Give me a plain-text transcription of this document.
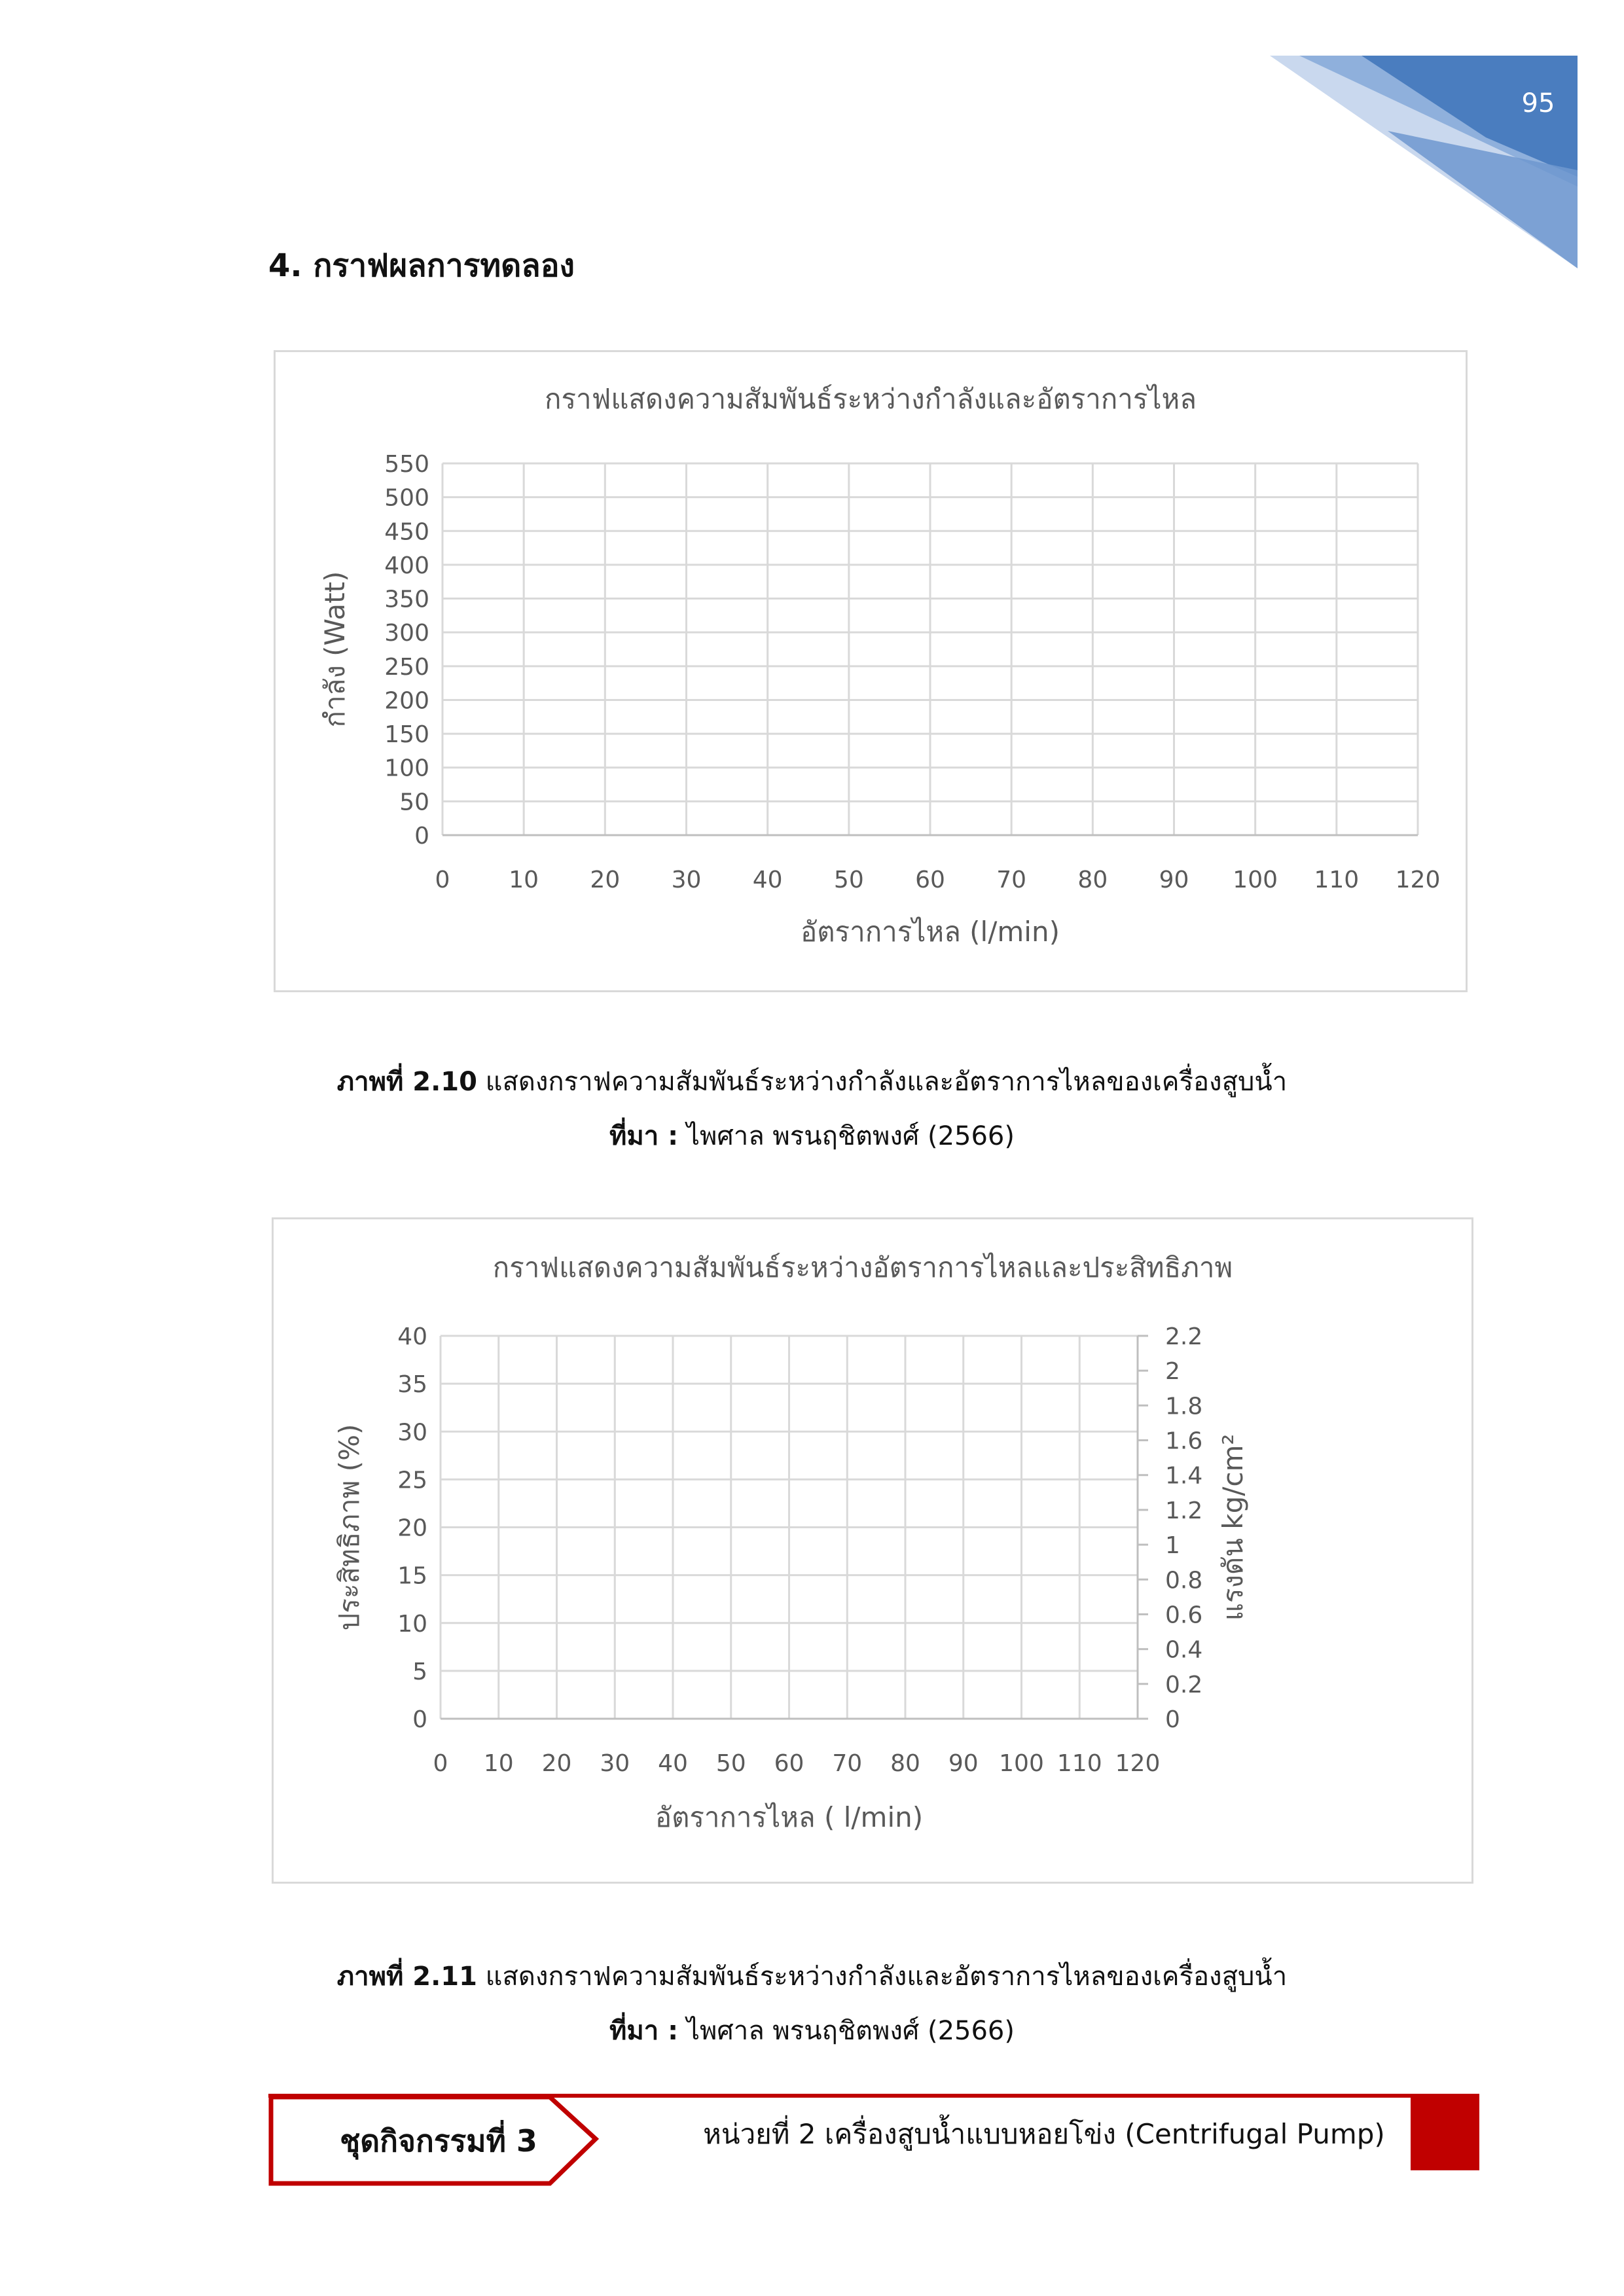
95
4. กราฟผลการทดลอง
กราฟแสดงความสัมพันธ์ระหว่างกำลังและอัตราการไหล
0 10 20 30 40 50 60 70 80 90 100 110 120
0
50
100
150
200
250
300
350
400
450
500
550
อัตราการไหล (l/min)
กำลัง (Watt)
ภาพที่ 2.10 แสดงกราฟความสัมพันธ์ระหว่างกำลังและอัตราการไหลของเครื่องสูบน้ำ
ที่มา : ไพศาล พรนฤชิตพงศ์ (2566)
กราฟแสดงความสัมพันธ์ระหว่างอัตราการไหลและประสิทธิภาพ
0 10 20 30 40 50 60 70 80 90 100 110 120
0
5
10
15
20
25
30
35
40
อัตราการไหล ( l/min)
ประสิทธิภาพ (%)
0
0.2
0.4
0.6
0.8
1
1.2
1.4
1.6
1.8
2
2.2
แรงดัน kg/cm²
ภาพที่ 2.11 แสดงกราฟความสัมพันธ์ระหว่างกำลังและอัตราการไหลของเครื่องสูบน้ำ
ที่มา : ไพศาล พรนฤชิตพงศ์ (2566)
ชุดกิจกรรมที่ 3	หน่วยที่ 2 เครื่องสูบน้ำแบบหอยโข่ง (Centrifugal Pump)
